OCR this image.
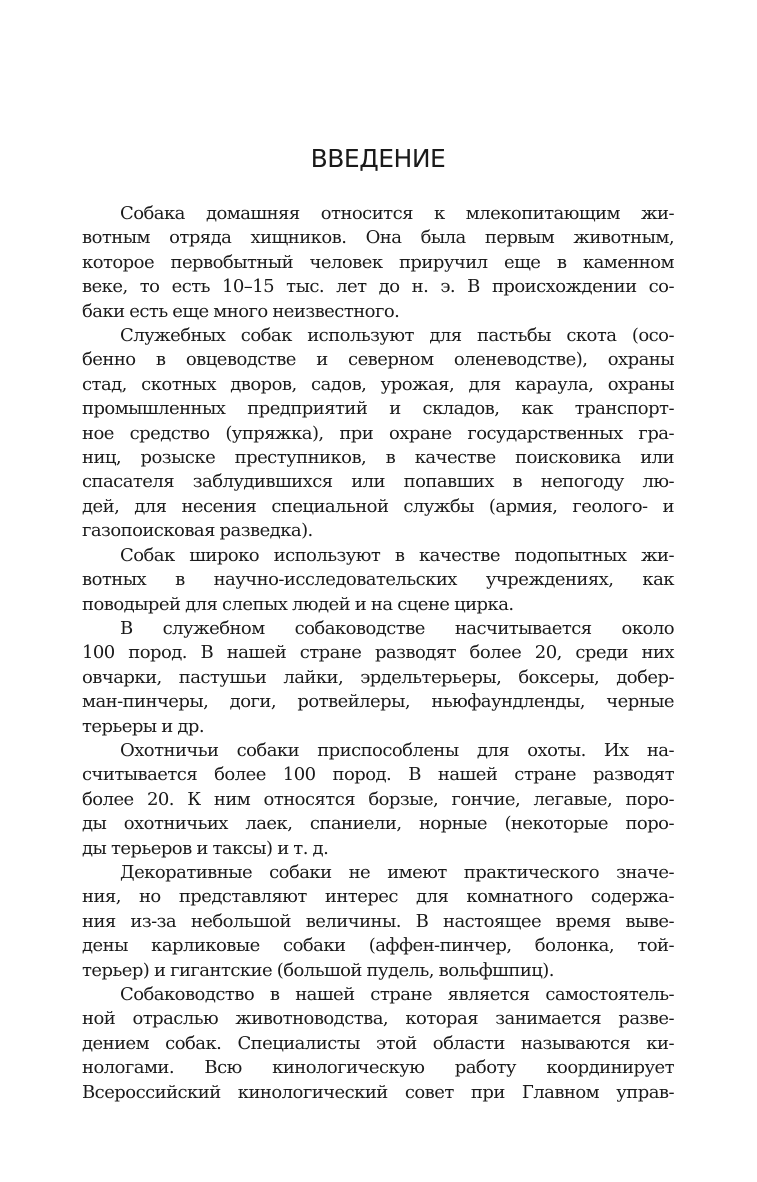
ВВЕДЕНИЕ

Собака домашняя относится к млекопитающим жи-
вотным отряда хищников. Она была первым животным,
которое первобытный человек приручил еще в каменном
веке, то есть 10–15 тыс. лет до н. э. В происхождении со-
баки есть еще много неизвестного.

Служебных собак используют для пастьбы скота (осо-
бенно в овцеводстве и северном оленеводстве), охраны
стад, скотных дворов, садов, урожая, для караула, охраны
промышленных предприятий и складов, как транспорт-
ное средство (упряжка), при охране государственных гра-
ниц, розыске преступников, в качестве поисковика или
спасателя заблудившихся или попавших в непогоду лю-
дей, для несения специальной службы (армия, геолого- и
газопоисковая разведка).

Собак широко используют в качестве подопытных жи-
вотных в научно-исследовательских учреждениях, как
поводырей для слепых людей и на сцене цирка.

В служебном собаководстве насчитывается около
100 пород. В нашей стране разводят более 20, среди них
овчарки, пастушьи лайки, эрдельтерьеры, боксеры, добер-
ман-пинчеры, доги, ротвейлеры, ньюфаундленды, черные
терьеры и др.

Охотничьи собаки приспособлены для охоты. Их на-
считывается более 100 пород. В нашей стране разводят
более 20. К ним относятся борзые, гончие, легавые, поро-
ды охотничьих лаек, спаниели, норные (некоторые поро-
ды терьеров и таксы) и т. д.

Декоративные собаки не имеют практического значе-
ния, но представляют интерес для комнатного содержа-
ния из-за небольшой величины. В настоящее время выве-
дены карликовые собаки (аффен-пинчер, болонка, той-
терьер) и гигантские (большой пудель, вольфшпиц).

Собаководство в нашей стране является самостоятель-
ной отраслью животноводства, которая занимается разве-
дением собак. Специалисты этой области называются ки-
нологами. Всю кинологическую работу координирует
Всероссийский кинологический совет при Главном управ-
